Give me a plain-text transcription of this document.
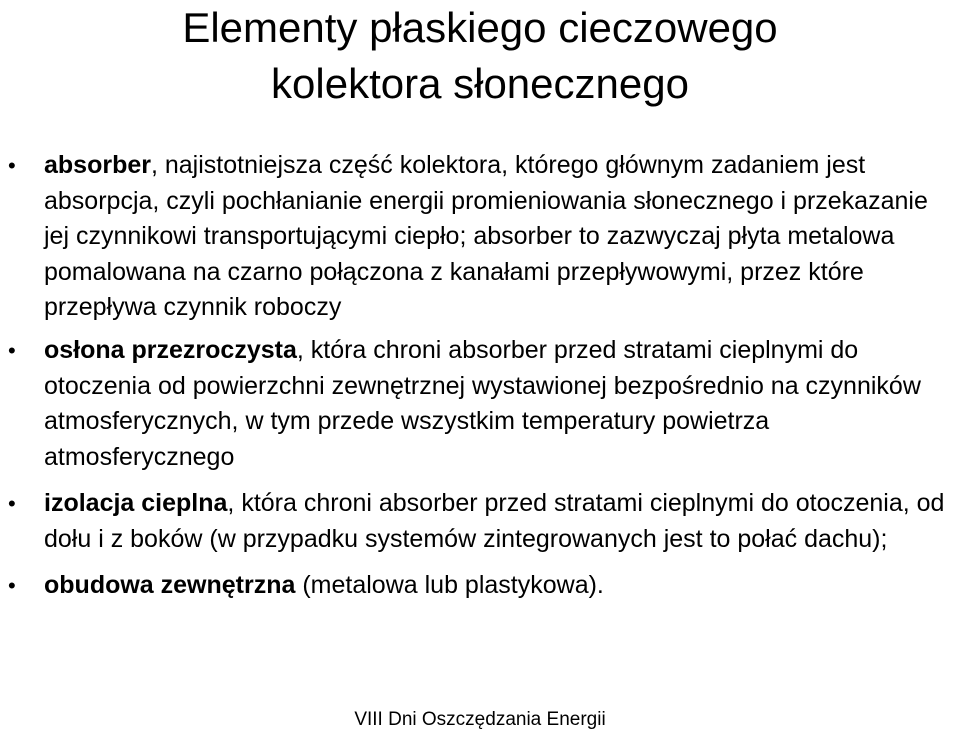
Elementy płaskiego cieczowego
kolektora słonecznego
• absorber, najistotniejsza część kolektora, którego głównym zadaniem jest absorpcja, czyli pochłanianie energii promieniowania słonecznego i przekazanie jej czynnikowi transportującymi ciepło; absorber to zazwyczaj płyta metalowa pomalowana na czarno połączona z kanałami przepływowymi, przez które przepływa czynnik roboczy
• osłona przezroczysta, która chroni absorber przed stratami cieplnymi do otoczenia od powierzchni zewnętrznej wystawionej bezpośrednio na czynników atmosferycznych, w tym przede wszystkim temperatury powietrza atmosferycznego
• izolacja cieplna, która chroni absorber przed stratami cieplnymi do otoczenia, od dołu i z boków (w przypadku systemów zintegrowanych jest to połać dachu);
• obudowa zewnętrzna (metalowa lub plastykowa).
VIII Dni Oszczędzania Energii
